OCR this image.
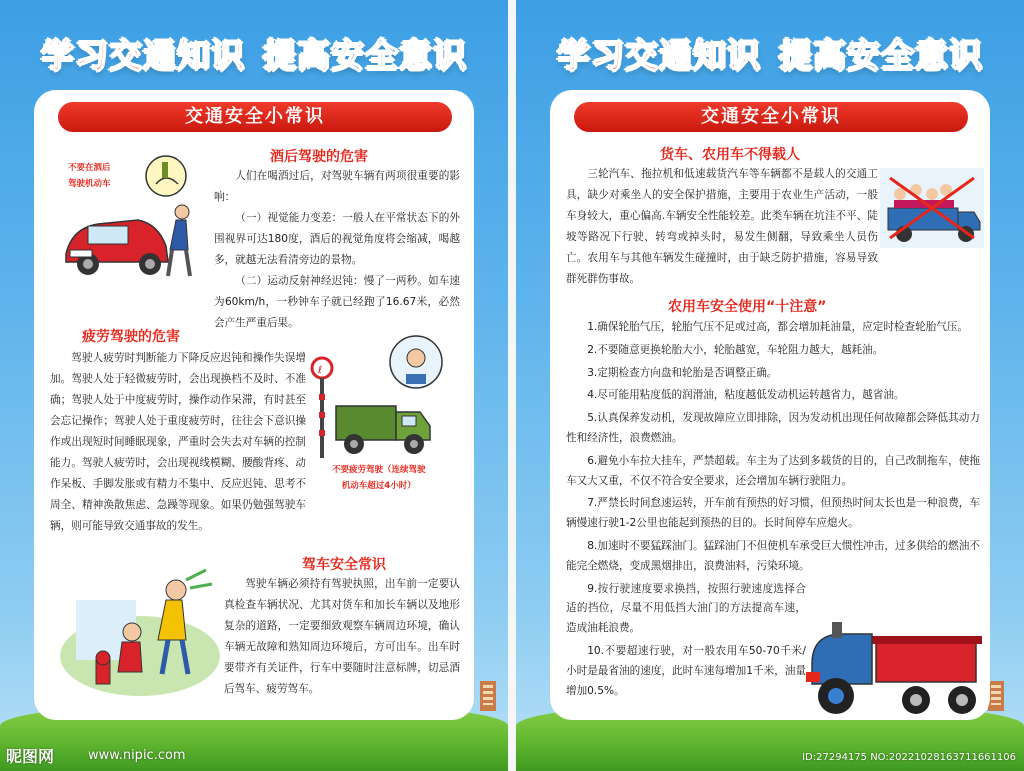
学习交通知识 提高安全意识
交通安全小常识
不要在酒后
驾驶机动车
酒后驾驶的危害

人们在喝酒过后，对驾驶车辆有两项很重要的影响：

（一）视觉能力变差：一般人在平常状态下的外围视界可达180度，酒后的视觉角度将会缩减，喝越多，就越无法看清旁边的景物。

（二）运动反射神经迟钝：慢了一两秒。如车速为60km/h，一秒钟车子就已经跑了16.67米，必然会产生严重后果。

疲劳驾驶的危害

驾驶人疲劳时判断能力下降反应迟钝和操作失误增加。驾驶人处于轻微疲劳时，会出现换档不及时、不准确；驾驶人处于中度疲劳时，操作动作呆滞，有时甚至会忘记操作；驾驶人处于重度疲劳时，往往会下意识操作或出现短时间睡眠现象，严重时会失去对车辆的控制能力。驾驶人疲劳时，会出现视线模糊、腰酸背疼、动作呆板、手脚发胀或有精力不集中、反应迟钝、思考不周全、精神涣散焦虑、急躁等现象。如果仍勉强驾驶车辆，则可能导致交通事故的发生。

ℓ
不要疲劳驾驶（连续驾驶
机动车超过4小时）
驾车安全常识

驾驶车辆必须持有驾驶执照，出车前一定要认真检查车辆状况、尤其对货车和加长车辆以及地形复杂的道路，一定要细致观察车辆周边环境，确认车辆无故障和熟知周边环境后，方可出车。出车时要带齐有关证件，行车中要随时注意标牌，切忌酒后驾车、疲劳驾车。

昵图网	www.nipic.com
学习交通知识 提高安全意识
交通安全小常识
货车、农用车不得载人

三轮汽车、拖拉机和低速载货汽车等车辆都不是载人的交通工具，缺少对乘坐人的安全保护措施，主要用于农业生产活动，一般车身较大，重心偏高.车辆安全性能较差。此类车辆在坑洼不平、陡坡等路况下行驶、转弯或掉头时，易发生侧翻，导致乘坐人员伤亡。农用车与其他车辆发生碰撞时，由于缺乏防护措施，容易导致群死群伤事故。

农用车安全使用“十注意”

1.确保轮胎气压，轮胎气压不足或过高，都会增加耗油量，应定时检查轮胎气压。

2.不要随意更换轮胎大小，轮胎越宽，车轮阻力越大，越耗油。

3.定期检查方向盘和轮胎是否调整正确。

4.尽可能用粘度低的润滑油，粘度越低发动机运转越省力，越省油。

5.认真保养发动机，发现故障应立即排除，因为发动机出现任何故障都会降低其动力性和经济性，浪费燃油。

6.避免小车拉大挂车，严禁超载。车主为了达到多载货的目的，自己改制拖车，使拖车又大又重，不仅不符合安全要求，还会增加车辆行驶阻力。

7.严禁长时间怠速运转，开车前有预热的好习惯，但预热时间太长也是一种浪费，车辆慢速行驶1-2公里也能起到预热的目的。长时间停车应熄火。

8.加速时不要猛踩油门。猛踩油门不但使机车承受巨大惯性冲击，过多供给的燃油不能完全燃烧，变成黑烟排出，浪费油料，污染环境。

9.按行驶速度要求换挡，按照行驶速度选择合适的挡位，尽量不用低挡大油门的方法提高车速，造成油耗浪费。

10.不要超速行驶，对一般农用车50-70千米/小时是最省油的速度，此时车速每增加1千米，油量增加0.5%。

ID:27294175 NO:20221028163711661106
